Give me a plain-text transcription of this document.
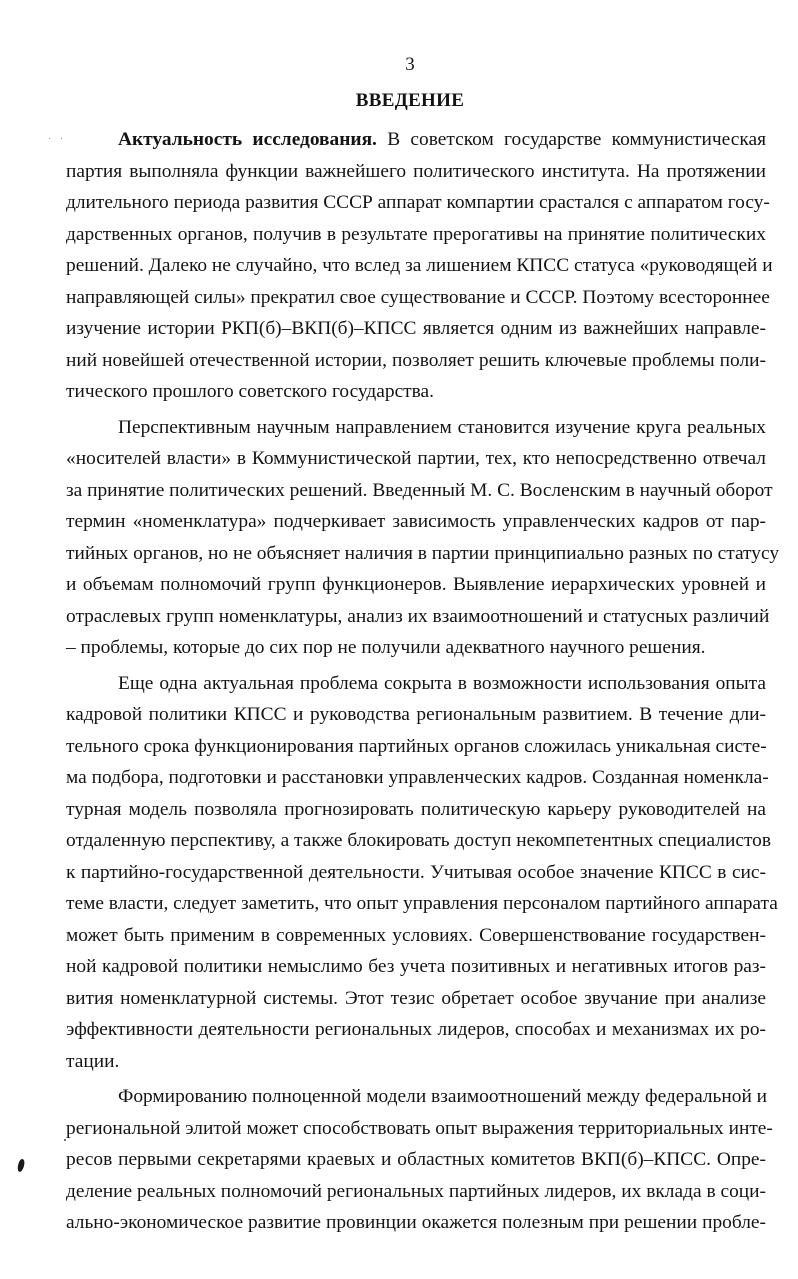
3
ВВЕДЕНИЕ
· ·	Актуальность исследования. В советском государстве коммунистическая
партия выполняла функции важнейшего политического института. На протяжении
длительного периода развития СССР аппарат компартии срастался с аппаратом госу-
дарственных органов, получив в результате прерогативы на принятие политических
решений. Далеко не случайно, что вслед за лишением КПСС статуса «руководящей и
направляющей силы» прекратил свое существование и СССР. Поэтому всестороннее
изучение истории РКП(б)–ВКП(б)–КПСС является одним из важнейших направле-
ний новейшей отечественной истории, позволяет решить ключевые проблемы поли-
тического прошлого советского государства.
Перспективным научным направлением становится изучение круга реальных
«носителей власти» в Коммунистической партии, тех, кто непосредственно отвечал
за принятие политических решений. Введенный М. С. Восленским в научный оборот
термин «номенклатура» подчеркивает зависимость управленческих кадров от пар-
тийных органов, но не объясняет наличия в партии принципиально разных по статусу
и объемам полномочий групп функционеров. Выявление иерархических уровней и
отраслевых групп номенклатуры, анализ их взаимоотношений и статусных различий
– проблемы, которые до сих пор не получили адекватного научного решения.
Еще одна актуальная проблема сокрыта в возможности использования опыта
кадровой политики КПСС и руководства региональным развитием. В течение дли-
тельного срока функционирования партийных органов сложилась уникальная систе-
ма подбора, подготовки и расстановки управленческих кадров. Созданная номенкла-
турная модель позволяла прогнозировать политическую карьеру руководителей на
отдаленную перспективу, а также блокировать доступ некомпетентных специалистов
к партийно-государственной деятельности. Учитывая особое значение КПСС в сис-
теме власти, следует заметить, что опыт управления персоналом партийного аппарата
может быть применим в современных условиях. Совершенствование государствен-
ной кадровой политики немыслимо без учета позитивных и негативных итогов раз-
вития номенклатурной системы. Этот тезис обретает особое звучание при анализе
эффективности деятельности региональных лидеров, способах и механизмах их ро-
тации.
Формированию полноценной модели взаимоотношений между федеральной и
региональной элитой может способствовать опыт выражения территориальных инте-
ресов первыми секретарями краевых и областных комитетов ВКП(б)–КПСС. Опре-
деление реальных полномочий региональных партийных лидеров, их вклада в соци-
ально-экономическое развитие провинции окажется полезным при решении пробле-
